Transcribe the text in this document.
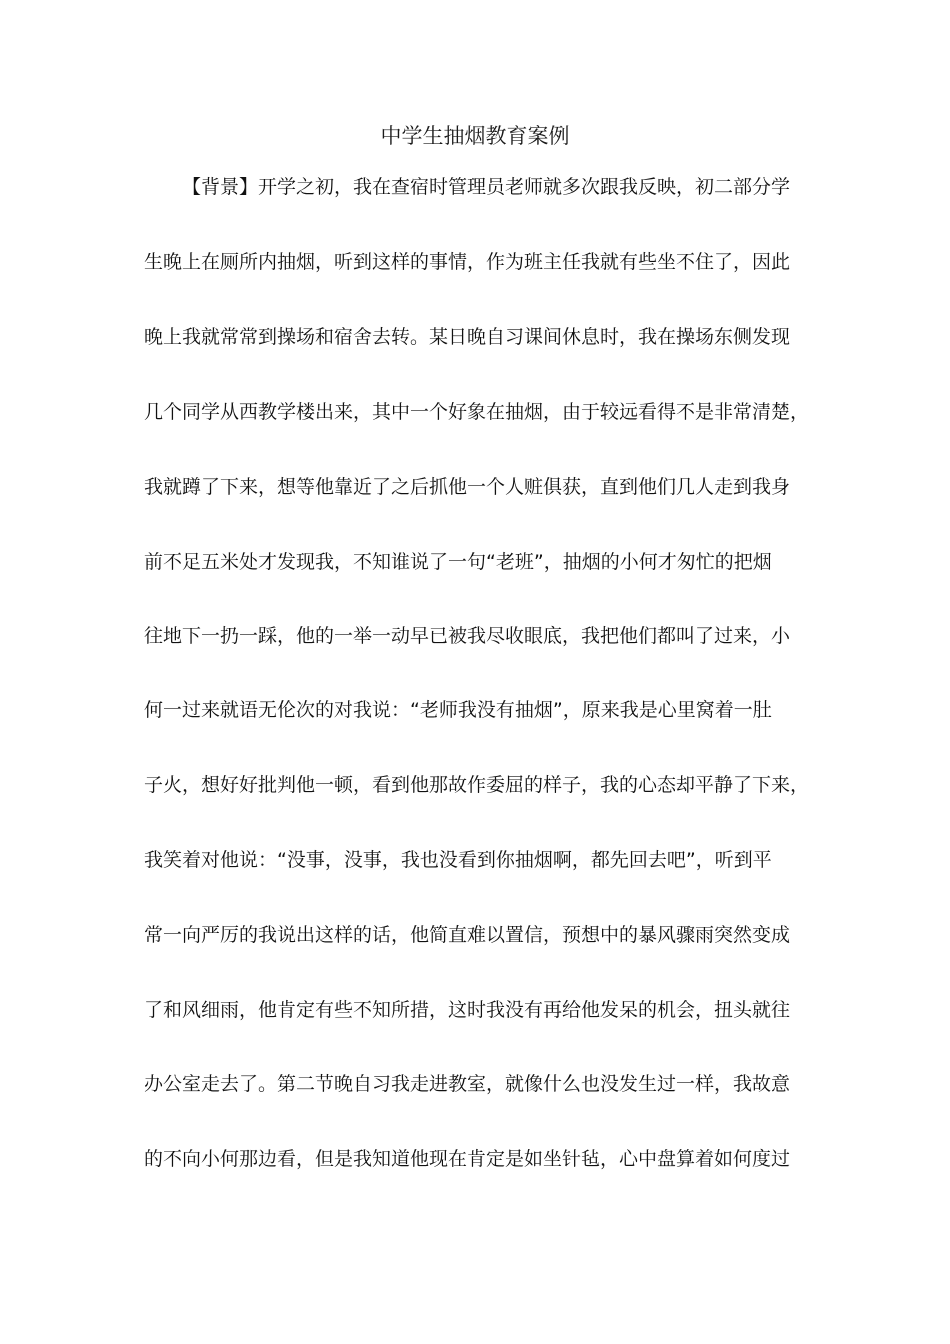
中学生抽烟教育案例
【背景】开学之初，我在查宿时管理员老师就多次跟我反映，初二部分学
生晚上在厕所内抽烟，听到这样的事情，作为班主任我就有些坐不住了，因此
晚上我就常常到操场和宿舍去转。某日晚自习课间休息时，我在操场东侧发现
几个同学从西教学楼出来，其中一个好象在抽烟，由于较远看得不是非常清楚，
我就蹲了下来，想等他靠近了之后抓他一个人赃俱获，直到他们几人走到我身
前不足五米处才发现我，不知谁说了一句“老班”，抽烟的小何才匆忙的把烟
往地下一扔一踩，他的一举一动早已被我尽收眼底，我把他们都叫了过来，小
何一过来就语无伦次的对我说：“老师我没有抽烟”，原来我是心里窝着一肚
子火，想好好批判他一顿，看到他那故作委屈的样子，我的心态却平静了下来，
我笑着对他说：“没事，没事，我也没看到你抽烟啊，都先回去吧”，听到平
常一向严厉的我说出这样的话，他简直难以置信，预想中的暴风骤雨突然变成
了和风细雨，他肯定有些不知所措，这时我没有再给他发呆的机会，扭头就往
办公室走去了。第二节晚自习我走进教室，就像什么也没发生过一样，我故意
的不向小何那边看，但是我知道他现在肯定是如坐针毡，心中盘算着如何度过
